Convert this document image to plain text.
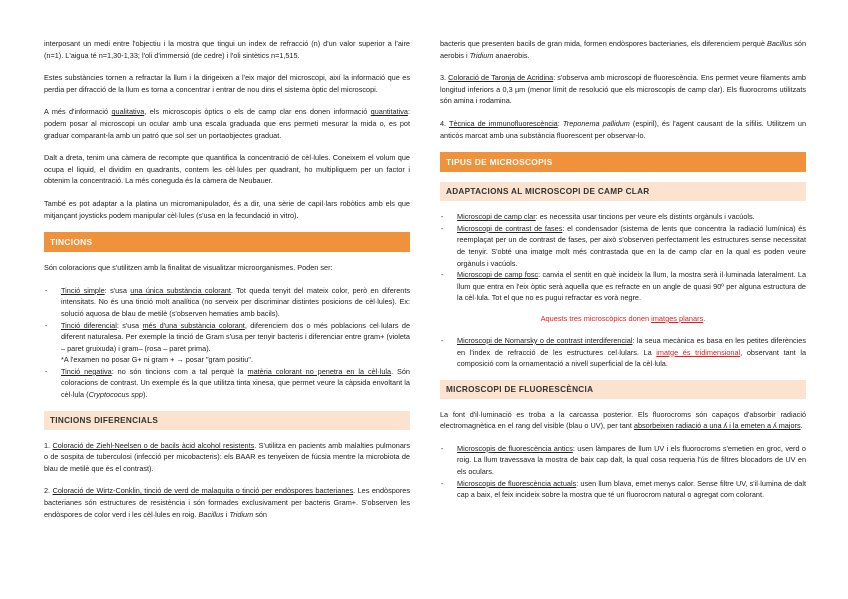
interposant un medi entre l'objectiu i la mostra que tingui un index de refracció (n) d'un valor superior a l'aire (n=1). L'aigua té n=1,30-1,33; l'oli d'immersió (de cedre) i l'oli sintètics n=1,515.

Estes substàncies tornen a refractar la llum i la dirigeixen a l'eix major del microscopi, així la informació que es perdia per difracció de la llum es torna a concentrar i entrar de nou dins el sistema òptic del microscopi.

A més d'informació qualitativa, els microscopis òptics o els de camp clar ens donen informació quantitativa: podem posar al microscopi un ocular amb una escala graduada que ens permeti mesurar la mida o, es pot graduar comparant-la amb un patró que sol ser un portaobjectes graduat.

Dalt a dreta, tenim una càmera de recompte que quantifica la concentració de cèl·lules. Coneixem el volum que ocupa el liquid, el dividim en quadrants, contem les cèl·lules per quadrant, ho multipliquem per un factor i obtenim la concentració. La més coneguda és la càmera de Neubauer.

També es pot adaptar a la platina un micromanipulador, és a dir, una sèrie de capil·lars robòtics amb els que mitjançant joysticks podem manipular cèl·lules (s'usa en la fecundació in vitro).

TINCIONS

Són coloracions que s'utilitzen amb la finalitat de visualitzar microorganismes. Poden ser:

- Tinció simple: s'usa una única substància colorant. Tot queda tenyit del mateix color, però en diferents intensitats. No és una tinció molt analítica (no serveix per discriminar distintes posicions de cèl·lules). Ex: solució aquosa de blau de metilè (s'observen hematies amb bacils).
- Tinció diferencial: s'usa més d'una substància colorant, diferenciem dos o més poblacions cel·lulars de diferent naturalesa. Per exemple la tinció de Gram s'usa per tenyir bacteris i diferenciar entre gram+ (violeta – paret gruixuda) i gram– (rosa – paret prima).
*A l'examen no posar G+ ni gram + → posar "gram positiu".
- Tinció negativa: no són tincions com a tal perquè la matèria colorant no penetra en la cèl·lula. Són coloracions de contrast. Un exemple és la que utilitza tinta xinesa, que permet veure la càpsida envoltant la cèl·lula (Cryptococus spp).
TINCIONS DIFERENCIALS

1. Coloració de Ziehl-Neelsen o de bacils àcid alcohol resistents. S'utilitza en pacients amb malalties pulmonars o de sospita de tuberculosi (infecció per micobacteris): els BAAR es tenyeixen de fúcsia mentre la microbiota de blau de metilè que és el contrast).

2. Coloració de Wirtz-Conklin, tinció de verd de malaquita o tinció per endòspores bacterianes. Les endòspores bacterianes són estructures de resistència i són formades exclusivament per bacteris Gram+. S'observen les endòspores de color verd i les cèl·lules en roig. Bacillus i Tridium són

bacteris que presenten bacils de gran mida, formen endòspores bacterianes, els diferenciem perquè Bacillus són aerobis i Tridium anaerobis.

3. Coloració de Taronja de Acridina: s'observa amb microscopi de fluorescència. Ens permet veure filaments amb longitud inferiors a 0,3 µm (menor límit de resolució que els microscopis de camp clar). Els fluorocroms utilitzats són amina i rodamina.

4. Tècnica de immunofluorescència: Treponema pallidum (espiril), és l'agent causant de la sífilis. Utilitzem un anticòs marcat amb una substància fluorescent per observar-lo.

TIPUS DE MICROSCOPIS
ADAPTACIONS AL MICROSCOPI DE CAMP CLAR
- Microscopi de camp clar: es necessita usar tincions per veure els distints orgànuls i vacúols.
- Microscopi de contrast de fases: el condensador (sistema de lents que concentra la radiació lumínica) és reemplaçat per un de contrast de fases, per això s'observen perfectament les estructures sense necessitat de tenyir. S'obté una imatge molt més contrastada que en la de camp clar en la qual es poden veure orgànuls i vacúols.
- Microscopi de camp fosc: canvia el sentit en què incideix la llum, la mostra serà il·luminada lateralment. La llum que entra en l'eix òptic serà aquella que es refracte en un angle de quasi 90º per alguna estructura de la cèl·lula. Tot el que no es pugui refractar es vorà negre.
Aquests tres microscòpics donen imatges planars.
- Microscopi de Nomarsky o de contrast interdiferencial: la seua mecànica es basa en les petites diferències en l'index de refracció de les estructures cel·lulars. La imatge és tridimensional, observant tant la composició com la ornamentació a nivell superficial de la cèl·lula.
MICROSCOPI DE FLUORESCÈNCIA

La font d'il·luminació es troba a la carcassa posterior. Els fluorocroms són capaços d'absorbir radiació electromagnètica en el rang del visible (blau o UV), per tant absorbeixen radiació a una ʎ i la emeten a ʎ majors.

- Microscopis de fluorescència antics: usen làmpares de llum UV i els fluorocroms s'emetien en groc, verd o roig. La llum travessava la mostra de baix cap dalt, la qual cosa requeria l'ús de filtres blocadors de UV en els oculars.
- Microscopis de fluorescència actuals: usen llum blava, emet menys calor. Sense filtre UV, s'il·lumina de dalt cap a baix, el feix incideix sobre la mostra que té un fluorocrom natural o agregat com colorant.
